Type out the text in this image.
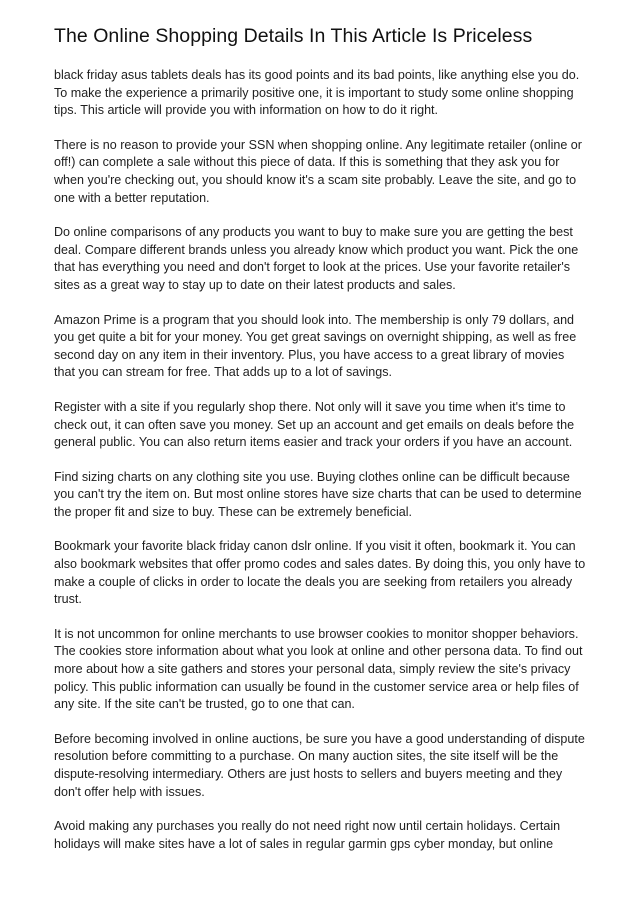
The Online Shopping Details In This Article Is Priceless

black friday asus tablets deals has its good points and its bad points, like anything else you do. To make the experience a primarily positive one, it is important to study some online shopping tips. This article will provide you with information on how to do it right.

There is no reason to provide your SSN when shopping online. Any legitimate retailer (online or off!) can complete a sale without this piece of data. If this is something that they ask you for when you're checking out, you should know it's a scam site probably. Leave the site, and go to one with a better reputation.

Do online comparisons of any products you want to buy to make sure you are getting the best deal. Compare different brands unless you already know which product you want. Pick the one that has everything you need and don't forget to look at the prices. Use your favorite retailer's sites as a great way to stay up to date on their latest products and sales.

Amazon Prime is a program that you should look into. The membership is only 79 dollars, and you get quite a bit for your money. You get great savings on overnight shipping, as well as free second day on any item in their inventory. Plus, you have access to a great library of movies that you can stream for free. That adds up to a lot of savings.

Register with a site if you regularly shop there. Not only will it save you time when it's time to check out, it can often save you money. Set up an account and get emails on deals before the general public. You can also return items easier and track your orders if you have an account.

Find sizing charts on any clothing site you use. Buying clothes online can be difficult because you can't try the item on. But most online stores have size charts that can be used to determine the proper fit and size to buy. These can be extremely beneficial.

Bookmark your favorite black friday canon dslr online. If you visit it often, bookmark it. You can also bookmark websites that offer promo codes and sales dates. By doing this, you only have to make a couple of clicks in order to locate the deals you are seeking from retailers you already trust.

It is not uncommon for online merchants to use browser cookies to monitor shopper behaviors. The cookies store information about what you look at online and other persona data. To find out more about how a site gathers and stores your personal data, simply review the site's privacy policy. This public information can usually be found in the customer service area or help files of any site. If the site can't be trusted, go to one that can.

Before becoming involved in online auctions, be sure you have a good understanding of dispute resolution before committing to a purchase. On many auction sites, the site itself will be the dispute-resolving intermediary. Others are just hosts to sellers and buyers meeting and they don't offer help with issues.

Avoid making any purchases you really do not need right now until certain holidays. Certain holidays will make sites have a lot of sales in regular garmin gps cyber monday, but online
